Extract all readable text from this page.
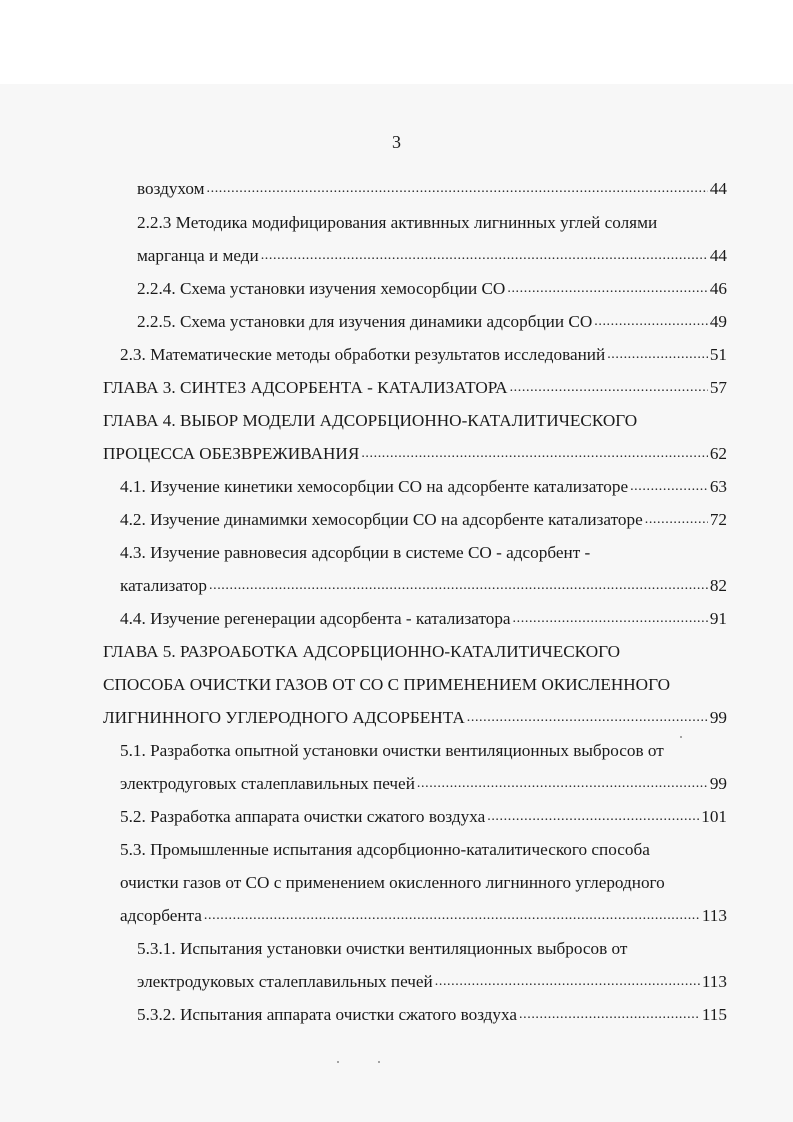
3
воздухом .....	44
2.2.3 Методика модифицирования активнных лигнинных углей солями
марганца и меди .....	44
2.2.4. Схема установки изучения хемосорбции СО .....	46
2.2.5. Схема установки для изучения динамики адсорбции СО .....	49
2.3. Математические методы обработки результатов исследований .....	51
ГЛАВА 3. СИНТЕЗ АДСОРБЕНТА - КАТАЛИЗАТОРА .....	57
ГЛАВА 4. ВЫБОР МОДЕЛИ АДСОРБЦИОННО-КАТАЛИТИЧЕСКОГО
ПРОЦЕССА ОБЕЗВРЕЖИВАНИЯ .....	62
4.1. Изучение кинетики хемосорбции СО на адсорбенте катализаторе .....	63
4.2. Изучение динамимки хемосорбции СО на адсорбенте катализаторе .....	72
4.3. Изучение равновесия адсорбции в системе СО - адсорбент -
катализатор .....	82
4.4. Изучение регенерации адсорбента - катализатора .....	91
ГЛАВА 5. РАЗРОАБОТКА АДСОРБЦИОННО-КАТАЛИТИЧЕСКОГО
СПОСОБА ОЧИСТКИ ГАЗОВ ОТ СО С ПРИМЕНЕНИЕМ ОКИСЛЕННОГО
ЛИГНИННОГО УГЛЕРОДНОГО АДСОРБЕНТА .....	99
5.1. Разработка опытной установки очистки вентиляционных выбросов от
электродуговых сталеплавильных печей .....	99
5.2. Разработка аппарата очистки сжатого воздуха .....	101
5.3. Промышленные испытания адсорбционно-каталитического способа
очистки газов от СО с применением окисленного лигнинного углеродного
адсорбента .....	113
5.3.1. Испытания установки очистки вентиляционных выбросов от
электродуковых сталеплавильных печей .....	113
5.3.2. Испытания аппарата очистки сжатого воздуха .....	115
